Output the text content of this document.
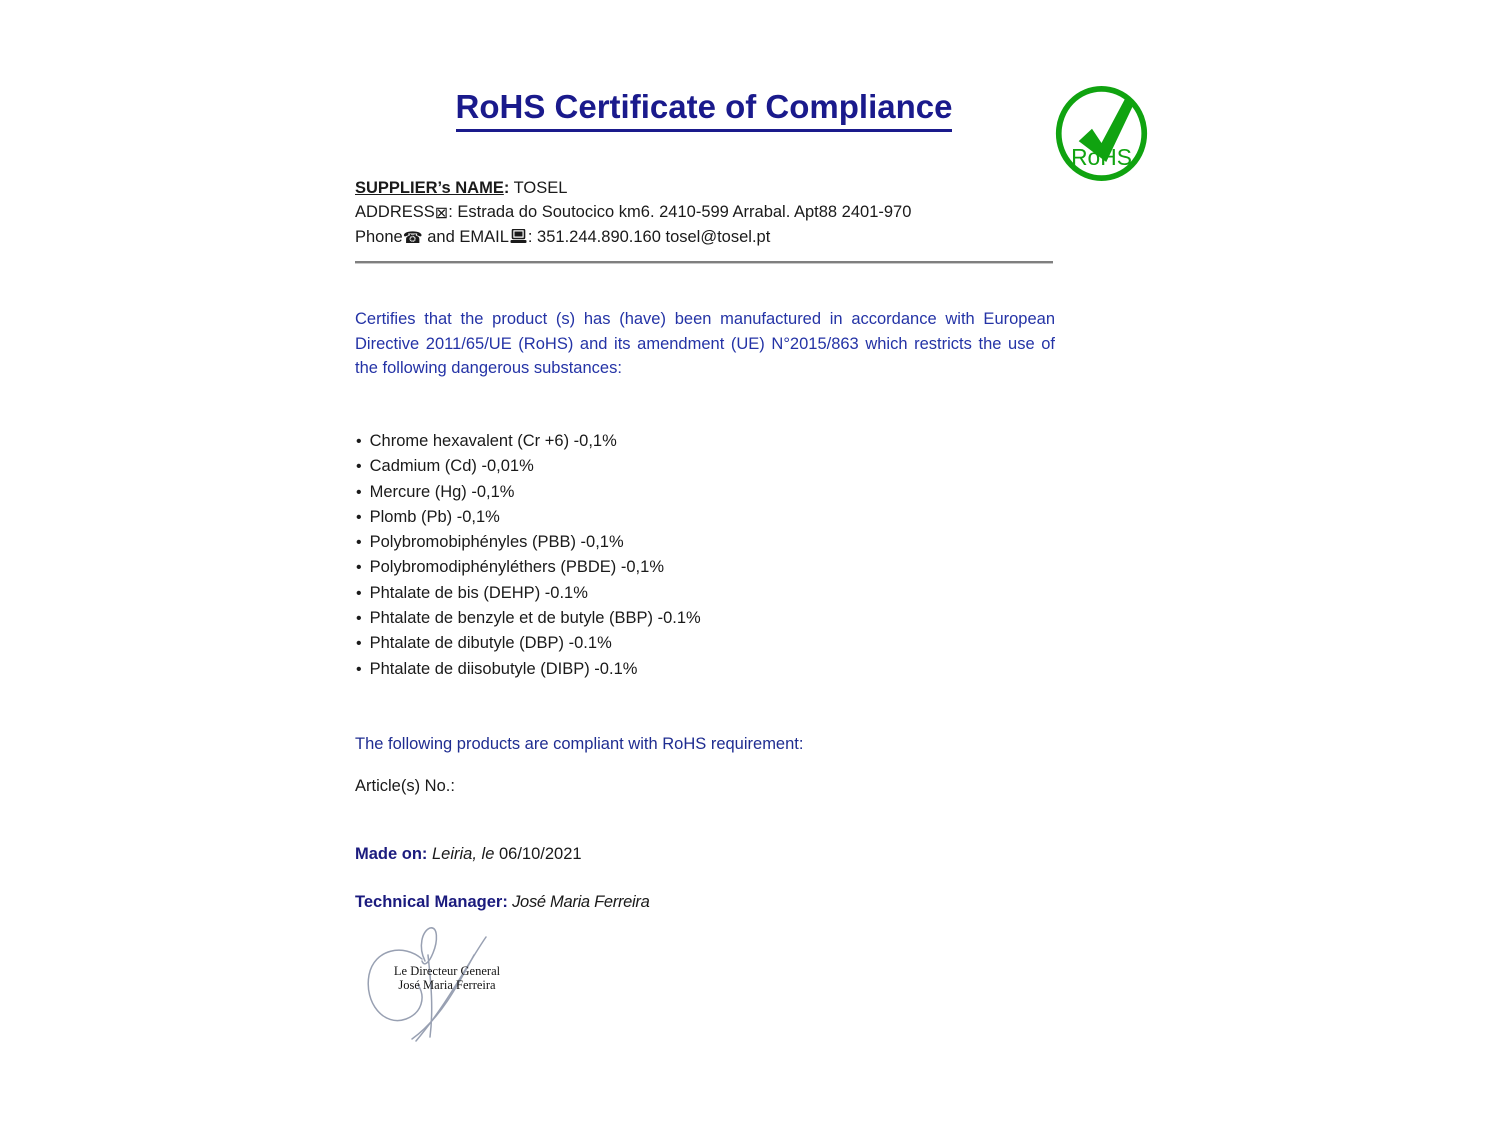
RoHS Certificate of Compliance
RoHS
SUPPLIER’s NAME: TOSEL
ADDRESS⊠: Estrada do Soutocico km6. 2410-599 Arrabal. Apt88 2401-970
Phone☎ and EMAIL : 351.244.890.160 tosel@tosel.pt
Certifies that the product (s) has (have) been manufactured in accordance with European Directive 2011/65/UE (RoHS) and its amendment (UE) N°2015/863 which restricts the use of the following dangerous substances:
• Chrome hexavalent (Cr +6) -0,1%
• Cadmium (Cd) -0,01%
• Mercure (Hg) -0,1%
• Plomb (Pb) -0,1%
• Polybromobiphényles (PBB) -0,1%
• Polybromodiphényléthers (PBDE) -0,1%
• Phtalate de bis (DEHP) -0.1%
• Phtalate de benzyle et de butyle (BBP) -0.1%
• Phtalate de dibutyle (DBP) -0.1%
• Phtalate de diisobutyle (DIBP) -0.1%
The following products are compliant with RoHS requirement:
Article(s) No.:
Made on: Leiria, le 06/10/2021
Technical Manager: José Maria Ferreira
Le Directeur General
José Maria Ferreira
